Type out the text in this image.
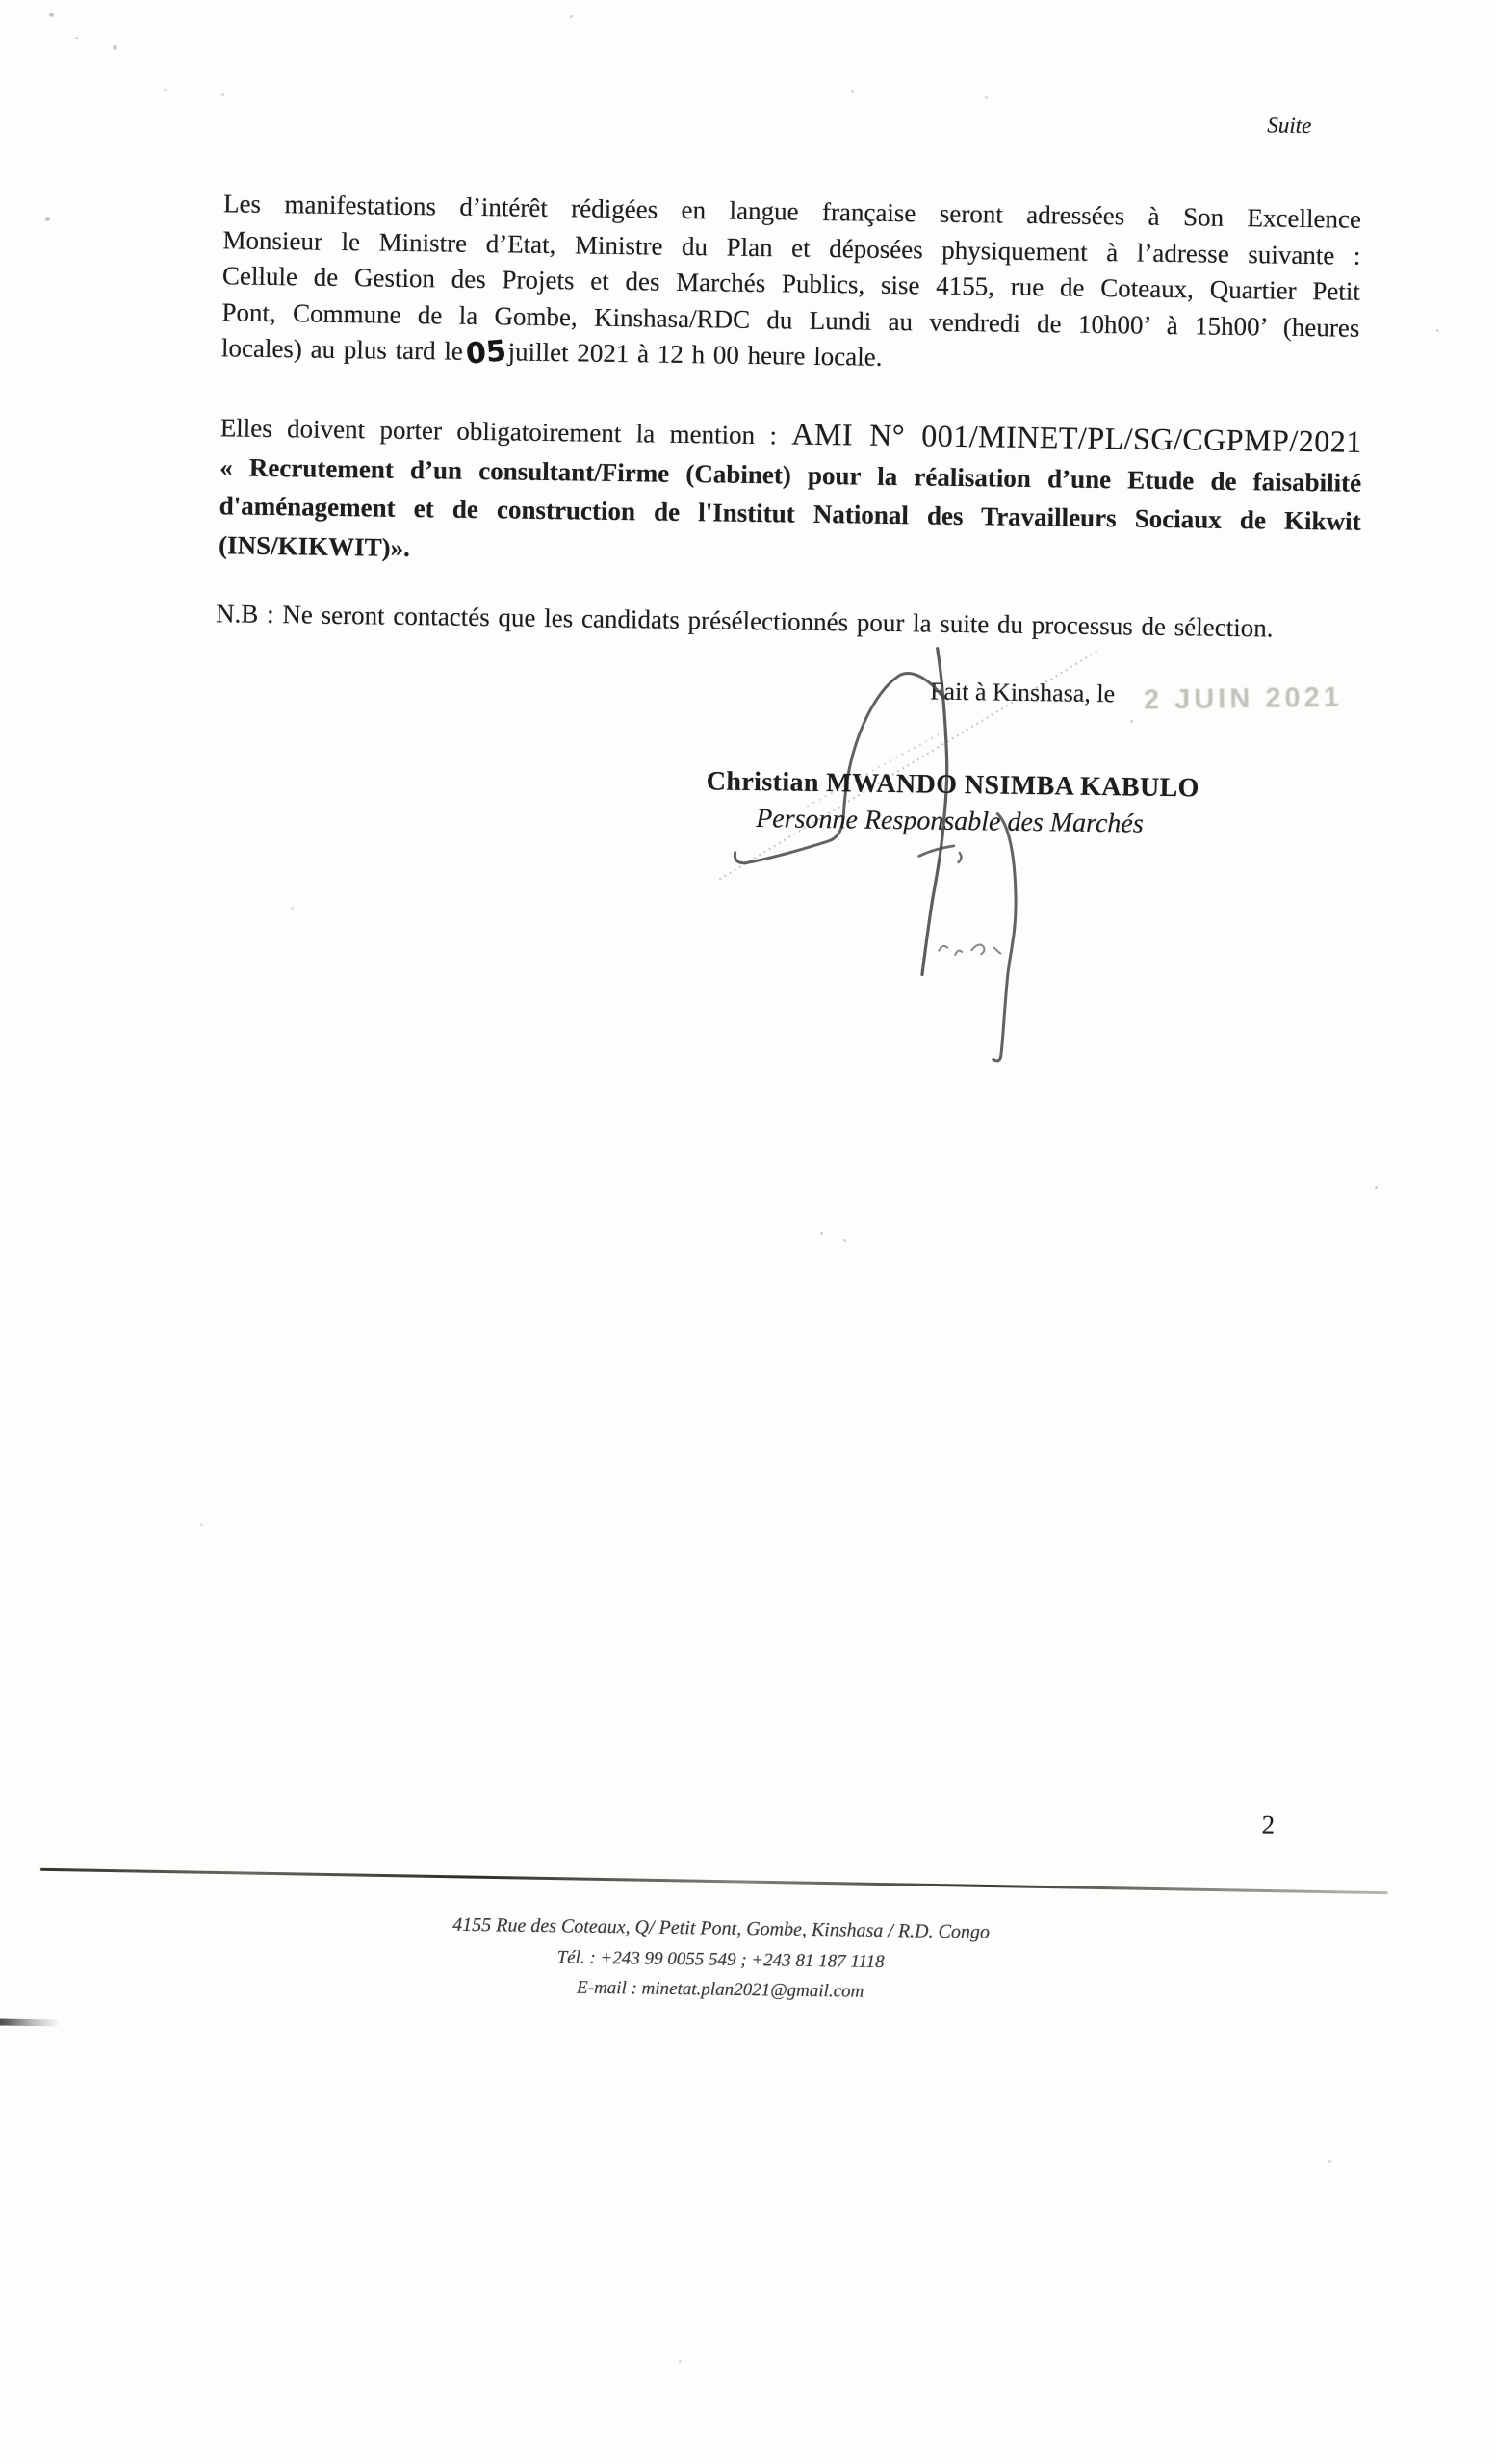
Suite
Les manifestations d’intérêt rédigées en langue française seront adressées à Son Excellence
Monsieur le Ministre d’Etat, Ministre du Plan et déposées physiquement à l’adresse suivante :
Cellule de Gestion des Projets et des Marchés Publics, sise 4155, rue de Coteaux, Quartier Petit
Pont, Commune de la Gombe, Kinshasa/RDC du Lundi au vendredi de 10h00’ à 15h00’ (heures
locales) au plus tard le05juillet 2021 à 12 h 00 heure locale.
Elles doivent porter obligatoirement la mention : AMI N° 001/MINET/PL/SG/CGPMP/2021
« Recrutement d’un consultant/Firme (Cabinet) pour la réalisation d’une Etude de faisabilité
d'aménagement et de construction de l'Institut National des Travailleurs Sociaux de Kikwit
(INS/KIKWIT)».
N.B : Ne seront contactés que les candidats présélectionnés pour la suite du processus de sélection.
Fait à Kinshasa, le 2 JUIN 2021
Christian MWANDO NSIMBA KABULO
Personne Responsable des Marchés
2
4155 Rue des Coteaux, Q/ Petit Pont, Gombe, Kinshasa / R.D. Congo
Tél. : +243 99 0055 549 ; +243 81 187 1118
E-mail : minetat.plan2021@gmail.com
